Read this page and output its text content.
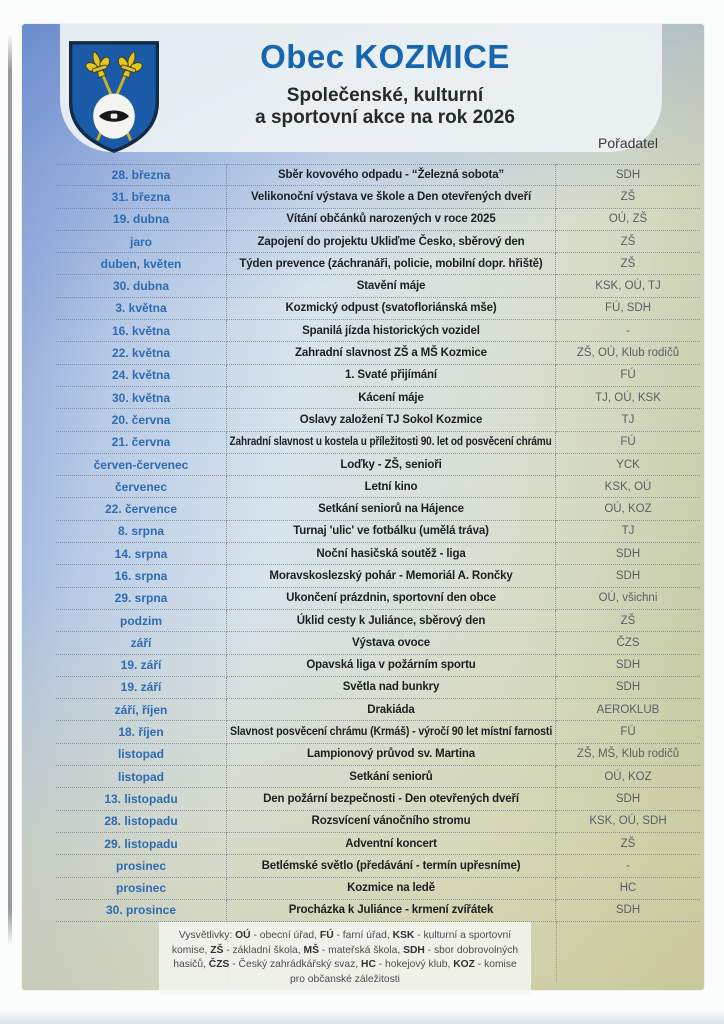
Obec KOZMICE
Společenské, kulturní
a sportovní akce na rok 2026
Pořadatel
28. března	Sběr kovového odpadu - “Železná sobota”	SDH
31. března	Velikonoční výstava ve škole a Den otevřených dveří	ZŠ
19. dubna	Vítání občánků narozených v roce 2025	OÚ, ZŠ
jaro	Zapojení do projektu Ukliďme Česko, sběrový den	ZŠ
duben, květen	Týden prevence (záchranáři, policie, mobilní dopr. hřiště)	ZŠ
30. dubna	Stavění máje	KSK, OÚ, TJ
3. května	Kozmický odpust (svatofloriánská mše)	FÚ, SDH
16. května	Spanilá jízda historických vozidel	-
22. května	Zahradní slavnost ZŠ a MŠ Kozmice	ZŠ, OÚ, Klub rodičů
24. května	1. Svaté přijímání	FÚ
30. května	Kácení máje	TJ, OÚ, KSK
20. června	Oslavy založení TJ Sokol Kozmice	TJ
21. června	Zahradní slavnost u kostela u příležitosti 90. let od posvěcení chrámu	FÚ
červen-červenec	Loďky - ZŠ, senioři	YCK
červenec	Letní kino	KSK, OÚ
22. července	Setkání seniorů na Hájence	OÚ, KOZ
8. srpna	Turnaj 'ulic' ve fotbálku (umělá tráva)	TJ
14. srpna	Noční hasičská soutěž - liga	SDH
16. srpna	Moravskoslezský pohár - Memoriál A. Rončky	SDH
29. srpna	Ukončení prázdnin, sportovní den obce	OÚ, všichni
podzim	Úklid cesty k Juliánce, sběrový den	ZŠ
září	Výstava ovoce	ČZS
19. září	Opavská liga v požárním sportu	SDH
19. září	Světla nad bunkry	SDH
září, říjen	Drakiáda	AEROKLUB
18. říjen	Slavnost posvěcení chrámu (Krmáš) - výročí 90 let místní farnosti	FÚ
listopad	Lampionový průvod sv. Martina	ZŠ, MŠ, Klub rodičů
listopad	Setkání seniorů	OÚ, KOZ
13. listopadu	Den požární bezpečnosti - Den otevřených dveří	SDH
28. listopadu	Rozsvícení vánočního stromu	KSK, OÚ, SDH
29. listopadu	Adventní koncert	ZŠ
prosinec	Betlémské světlo (předávání - termín upřesníme)	-
prosinec	Kozmice na ledě	HC
30. prosince	Procházka k Juliánce - krmení zvířátek	SDH
Vysvětlivky: OÚ - obecní úřad, FÚ - farní úřad, KSK - kulturní a sportovní komise, ZŠ - základní škola, MŠ - mateřská škola, SDH - sbor dobrovolných hasičů, ČZS - Český zahrádkářský svaz, HC - hokejový klub, KOZ - komise pro občanské záležitosti
